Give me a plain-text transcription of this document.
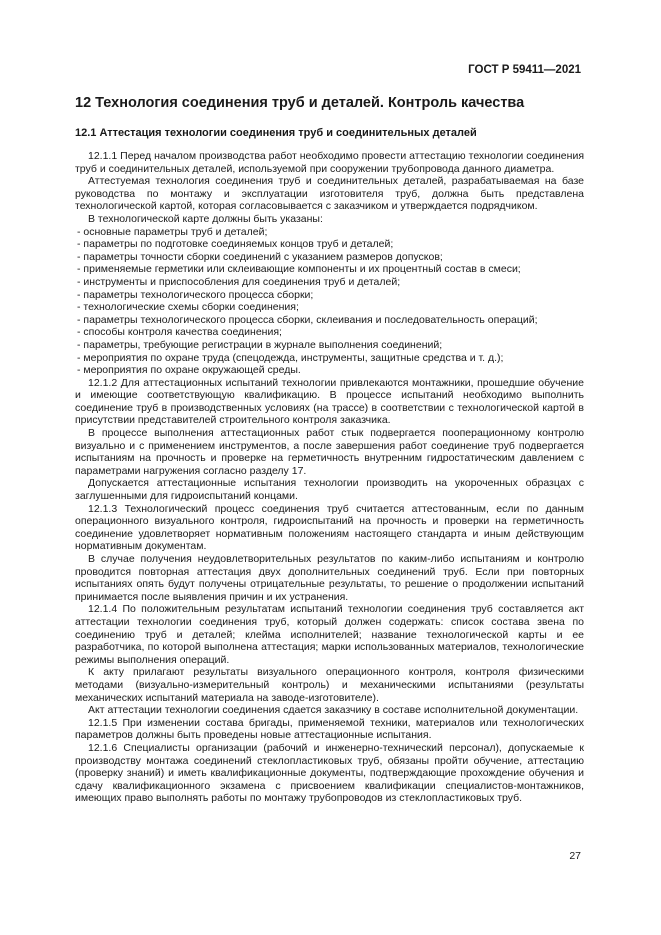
ГОСТ Р 59411—2021

12 Технология соединения труб и деталей. Контроль качества
12.1 Аттестация технологии соединения труб и соединительных деталей

12.1.1 Перед началом производства работ необходимо провести аттестацию технологии соединения труб и соединительных деталей, используемой при сооружении трубопровода данного диаметра.

Аттестуемая технология соединения труб и соединительных деталей, разрабатываемая на базе руководства по монтажу и эксплуатации изготовителя труб, должна быть представлена технологической картой, которая согласовывается с заказчиком и утверждается подрядчиком.

В технологической карте должны быть указаны:

- основные параметры труб и деталей;
- параметры по подготовке соединяемых концов труб и деталей;
- параметры точности сборки соединений с указанием размеров допусков;
- применяемые герметики или склеивающие компоненты и их процентный состав в смеси;
- инструменты и приспособления для соединения труб и деталей;
- параметры технологического процесса сборки;
- технологические схемы сборки соединения;
- параметры технологического процесса сборки, склеивания и последовательность операций;
- способы контроля качества соединения;
- параметры, требующие регистрации в журнале выполнения соединений;
- мероприятия по охране труда (спецодежда, инструменты, защитные средства и т. д.);
- мероприятия по охране окружающей среды.

12.1.2 Для аттестационных испытаний технологии привлекаются монтажники, прошедшие обучение и имеющие соответствующую квалификацию. В процессе испытаний необходимо выполнить соединение труб в производственных условиях (на трассе) в соответствии с технологической картой в присутствии представителей строительного контроля заказчика.

В процессе выполнения аттестационных работ стык подвергается пооперационному контролю визуально и с применением инструментов, а после завершения работ соединение труб подвергается испытаниям на прочность и проверке на герметичность внутренним гидростатическим давлением с параметрами нагружения согласно разделу 17.

Допускается аттестационные испытания технологии производить на укороченных образцах с заглушенными для гидроиспытаний концами.

12.1.3 Технологический процесс соединения труб считается аттестованным, если по данным операционного визуального контроля, гидроиспытаний на прочность и проверки на герметичность соединение удовлетворяет нормативным положениям настоящего стандарта и иным действующим нормативным документам.

В случае получения неудовлетворительных результатов по каким-либо испытаниям и контролю проводится повторная аттестация двух дополнительных соединений труб. Если при повторных испытаниях опять будут получены отрицательные результаты, то решение о продолжении испытаний принимается после выявления причин и их устранения.

12.1.4 По положительным результатам испытаний технологии соединения труб составляется акт аттестации технологии соединения труб, который должен содержать: список состава звена по соединению труб и деталей; клейма исполнителей; название технологической карты и ее разработчика, по которой выполнена аттестация; марки использованных материалов, технологические режимы выполнения операций.

К акту прилагают результаты визуального операционного контроля, контроля физическими методами (визуально-измерительный контроль) и механическими испытаниями (результаты механических испытаний материала на заводе-изготовителе).

Акт аттестации технологии соединения сдается заказчику в составе исполнительной документации.

12.1.5 При изменении состава бригады, применяемой техники, материалов или технологических параметров должны быть проведены новые аттестационные испытания.

12.1.6 Специалисты организации (рабочий и инженерно-технический персонал), допускаемые к производству монтажа соединений стеклопластиковых труб, обязаны пройти обучение, аттестацию (проверку знаний) и иметь квалификационные документы, подтверждающие прохождение обучения и сдачу квалификационного экзамена с присвоением квалификации специалистов-монтажников, имеющих право выполнять работы по монтажу трубопроводов из стеклопластиковых труб.

27
